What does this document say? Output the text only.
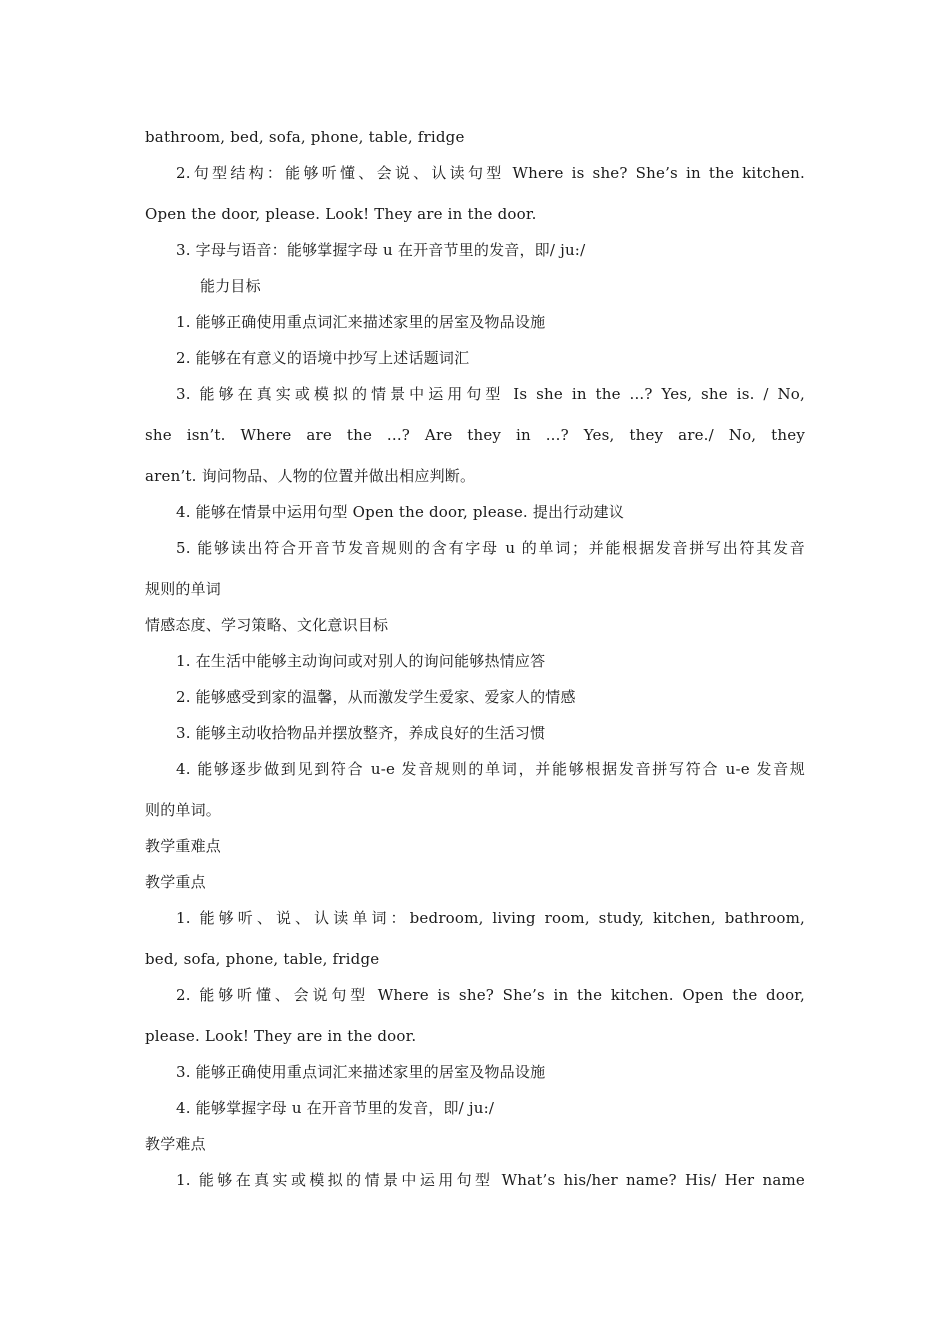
bathroom, bed, sofa, phone, table, fridge
2.句型结构：能够听懂、会说、认读句型 Where is she? She’s in the kitchen.
Open the door, please. Look! They are in the door.
3. 字母与语音：能够掌握字母 u 在开音节里的发音，即/ ju:/
能力目标
1. 能够正确使用重点词汇来描述家里的居室及物品设施
2. 能够在有意义的语境中抄写上述话题词汇
3. 能够在真实或模拟的情景中运用句型 Is she in the ...? Yes, she is. / No,
she isn’t. Where are the ...? Are they in ...? Yes, they are./ No, they
aren’t. 询问物品、人物的位置并做出相应判断。
4. 能够在情景中运用句型 Open the door, please. 提出行动建议
5. 能够读出符合开音节发音规则的含有字母 u 的单词；并能根据发音拼写出符其发音
规则的单词
情感态度、学习策略、文化意识目标
1. 在生活中能够主动询问或对别人的询问能够热情应答
2. 能够感受到家的温馨，从而激发学生爱家、爱家人的情感
3. 能够主动收拾物品并摆放整齐，养成良好的生活习惯
4. 能够逐步做到见到符合 u-e 发音规则的单词，并能够根据发音拼写符合 u-e 发音规
则的单词。
教学重难点
教学重点
1. 能够听、说、认读单词：bedroom, living room, study, kitchen, bathroom,
bed, sofa, phone, table, fridge
2. 能够听懂、会说句型 Where is she? She’s in the kitchen. Open the door,
please. Look! They are in the door.
3. 能够正确使用重点词汇来描述家里的居室及物品设施
4. 能够掌握字母 u 在开音节里的发音，即/ ju:/
教学难点
1. 能够在真实或模拟的情景中运用句型 What’s his/her name? His/ Her name
